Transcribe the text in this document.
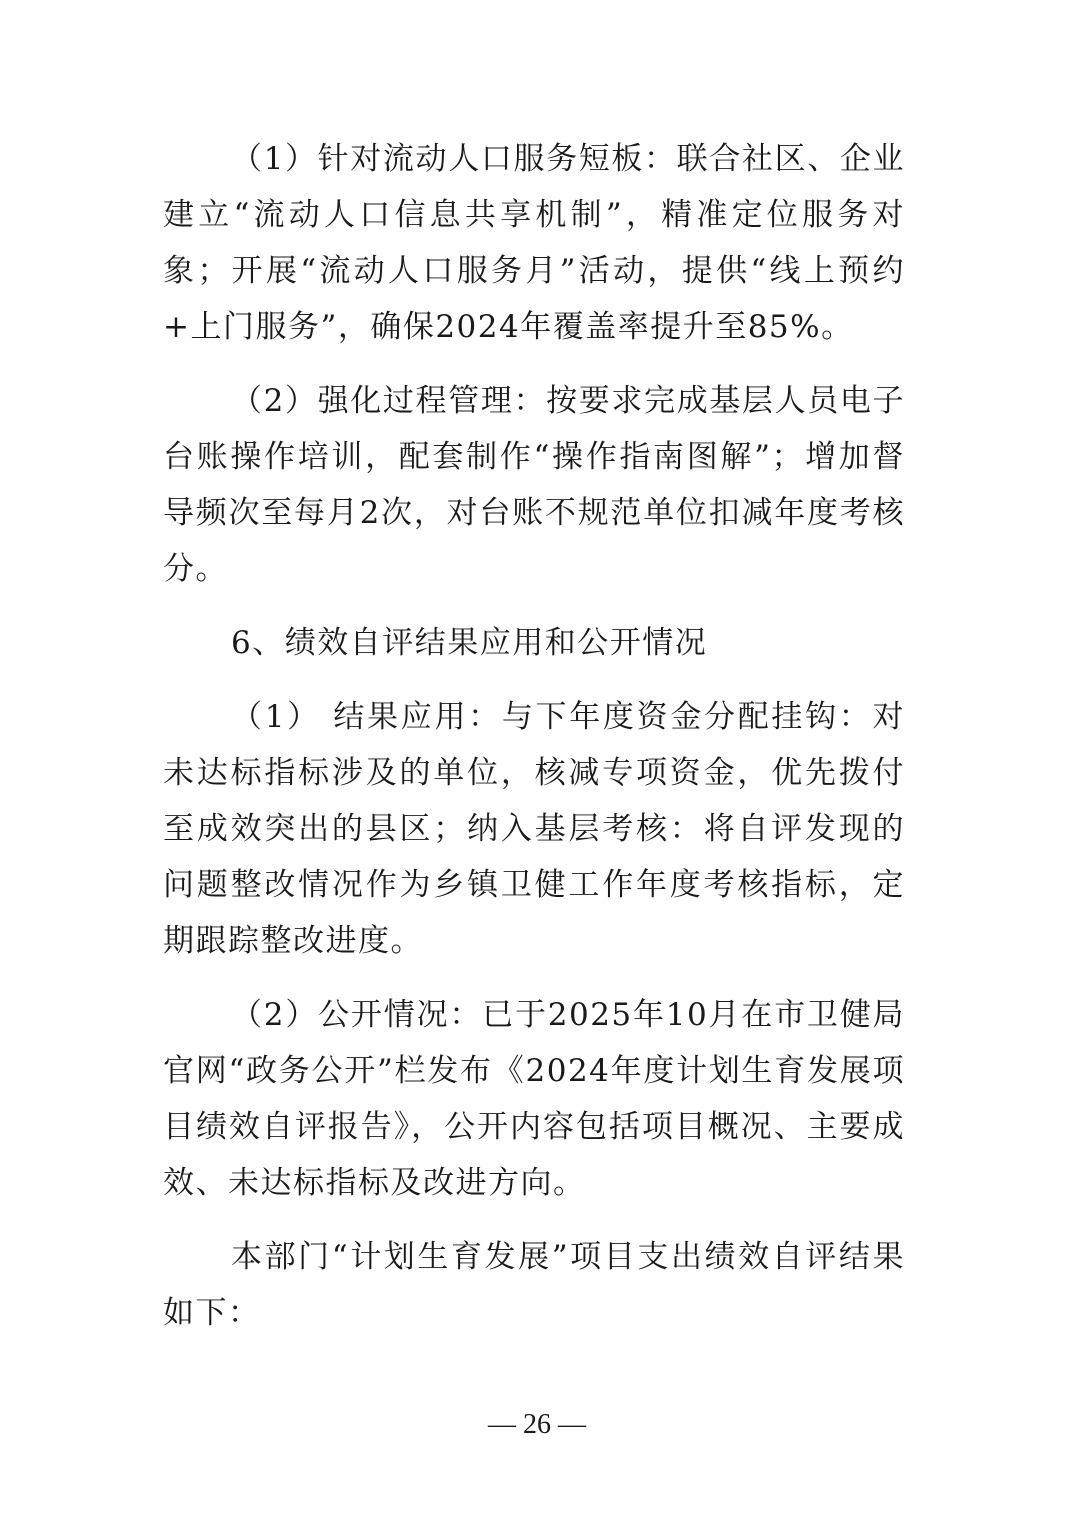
（1）针对流动人口服务短板：联合社区、企业建立“流动人口信息共享机制”，精准定位服务对象；开展“流动人口服务月”活动，提供“线上预约+上门服务”，确保2024年覆盖率提升至85%。

（2）强化过程管理：按要求完成基层人员电子台账操作培训，配套制作“操作指南图解”；增加督导频次至每月2次，对台账不规范单位扣减年度考核分。

6、绩效自评结果应用和公开情况

（1） 结果应用：与下年度资金分配挂钩：对未达标指标涉及的单位，核减专项资金，优先拨付至成效突出的县区；纳入基层考核：将自评发现的问题整改情况作为乡镇卫健工作年度考核指标，定期跟踪整改进度。

（2）公开情况：已于2025年10月在市卫健局官网“政务公开”栏发布《2024年度计划生育发展项目绩效自评报告》，公开内容包括项目概况、主要成效、未达标指标及改进方向。

本部门“计划生育发展”项目支出绩效自评结果如下：

— 26 —
